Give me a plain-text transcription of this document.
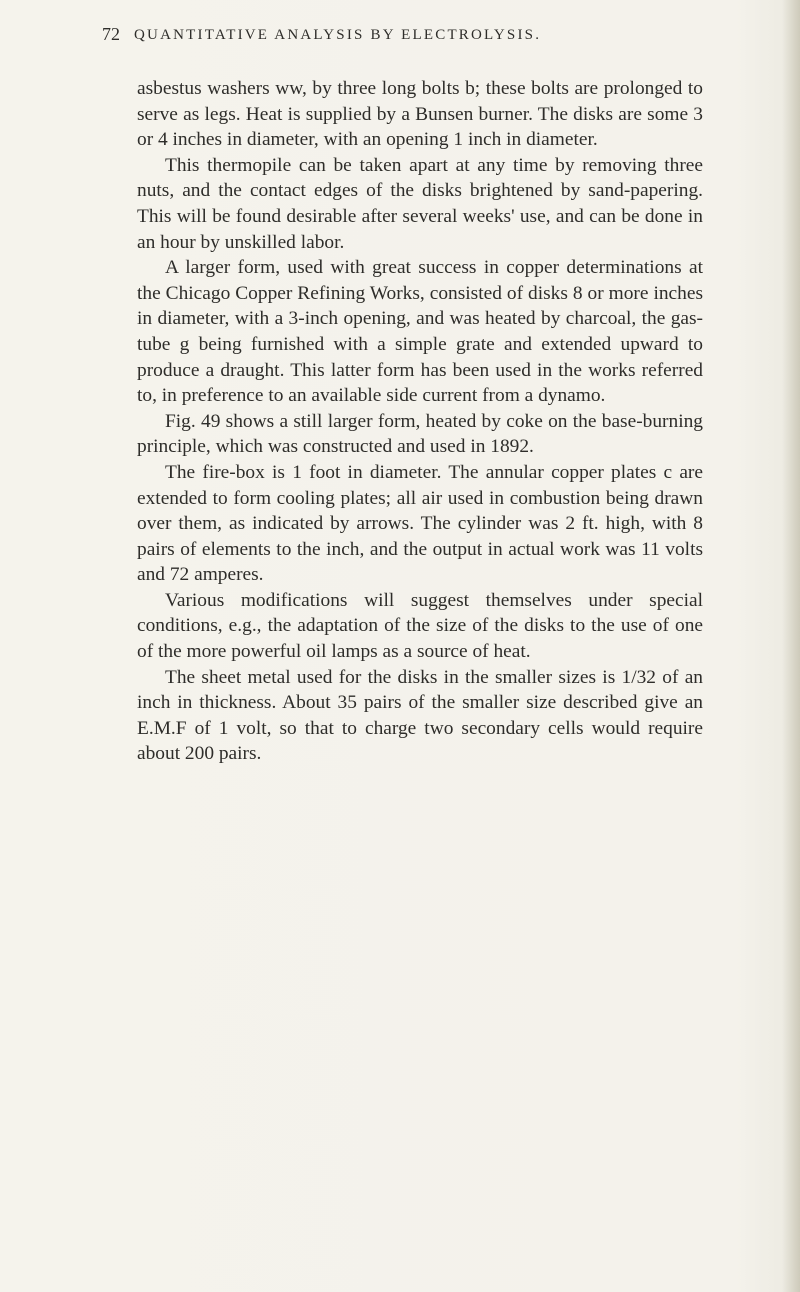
72 QUANTITATIVE ANALYSIS BY ELECTROLYSIS.

asbestus washers ww, by three long bolts b; these bolts are prolonged to serve as legs. Heat is supplied by a Bunsen burner. The disks are some 3 or 4 inches in diameter, with an opening 1 inch in diameter.

This thermopile can be taken apart at any time by removing three nuts, and the contact edges of the disks brightened by sand-papering. This will be found desirable after several weeks' use, and can be done in an hour by unskilled labor.

A larger form, used with great success in copper determinations at the Chicago Copper Refining Works, consisted of disks 8 or more inches in diameter, with a 3-inch opening, and was heated by charcoal, the gas-tube g being furnished with a simple grate and extended upward to produce a draught. This latter form has been used in the works referred to, in preference to an available side current from a dynamo.

Fig. 49 shows a still larger form, heated by coke on the base-burning principle, which was constructed and used in 1892.

The fire-box is 1 foot in diameter. The annular copper plates c are extended to form cooling plates; all air used in combustion being drawn over them, as indicated by arrows. The cylinder was 2 ft. high, with 8 pairs of elements to the inch, and the output in actual work was 11 volts and 72 amperes.

Various modifications will suggest themselves under special conditions, e.g., the adaptation of the size of the disks to the use of one of the more powerful oil lamps as a source of heat.

The sheet metal used for the disks in the smaller sizes is 1/32 of an inch in thickness. About 35 pairs of the smaller size described give an E.M.F of 1 volt, so that to charge two secondary cells would require about 200 pairs.
